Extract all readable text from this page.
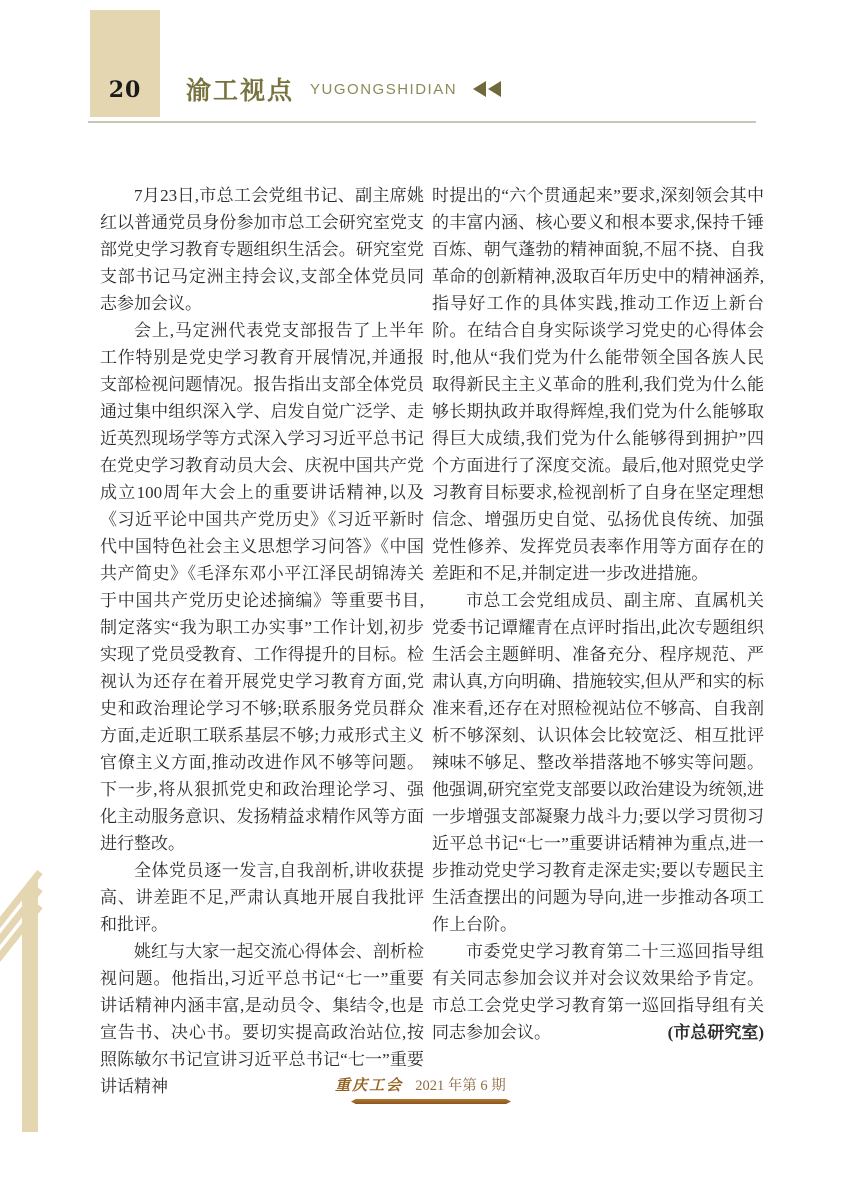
20 渝工视点 YUGONGSHIDIAN

7月23日,市总工会党组书记、副主席姚红以普通党员身份参加市总工会研究室党支部党史学习教育专题组织生活会。研究室党支部书记马定洲主持会议,支部全体党员同志参加会议。

会上,马定洲代表党支部报告了上半年工作特别是党史学习教育开展情况,并通报支部检视问题情况。报告指出支部全体党员通过集中组织深入学、启发自觉广泛学、走近英烈现场学等方式深入学习习近平总书记在党史学习教育动员大会、庆祝中国共产党成立100周年大会上的重要讲话精神,以及《习近平论中国共产党历史》《习近平新时代中国特色社会主义思想学习问答》《中国共产简史》《毛泽东邓小平江泽民胡锦涛关于中国共产党历史论述摘编》等重要书目,制定落实“我为职工办实事”工作计划,初步实现了党员受教育、工作得提升的目标。检视认为还存在着开展党史学习教育方面,党史和政治理论学习不够;联系服务党员群众方面,走近职工联系基层不够;力戒形式主义官僚主义方面,推动改进作风不够等问题。下一步,将从狠抓党史和政治理论学习、强化主动服务意识、发扬精益求精作风等方面进行整改。

全体党员逐一发言,自我剖析,讲收获提高、讲差距不足,严肃认真地开展自我批评和批评。

姚红与大家一起交流心得体会、剖析检视问题。他指出,习近平总书记“七一”重要讲话精神内涵丰富,是动员令、集结令,也是宣告书、决心书。要切实提高政治站位,按照陈敏尔书记宣讲习近平总书记“七一”重要讲话精神

时提出的“六个贯通起来”要求,深刻领会其中的丰富内涵、核心要义和根本要求,保持千锤百炼、朝气蓬勃的精神面貌,不屈不挠、自我革命的创新精神,汲取百年历史中的精神涵养,指导好工作的具体实践,推动工作迈上新台阶。在结合自身实际谈学习党史的心得体会时,他从“我们党为什么能带领全国各族人民取得新民主主义革命的胜利,我们党为什么能够长期执政并取得辉煌,我们党为什么能够取得巨大成绩,我们党为什么能够得到拥护”四个方面进行了深度交流。最后,他对照党史学习教育目标要求,检视剖析了自身在坚定理想信念、增强历史自觉、弘扬优良传统、加强党性修养、发挥党员表率作用等方面存在的差距和不足,并制定进一步改进措施。

市总工会党组成员、副主席、直属机关党委书记谭耀青在点评时指出,此次专题组织生活会主题鲜明、准备充分、程序规范、严肃认真,方向明确、措施较实,但从严和实的标准来看,还存在对照检视站位不够高、自我剖析不够深刻、认识体会比较宽泛、相互批评辣味不够足、整改举措落地不够实等问题。他强调,研究室党支部要以政治建设为统领,进一步增强支部凝聚力战斗力;要以学习贯彻习近平总书记“七一”重要讲话精神为重点,进一步推动党史学习教育走深走实;要以专题民主生活查摆出的问题为导向,进一步推动各项工作上台阶。

市委党史学习教育第二十三巡回指导组有关同志参加会议并对会议效果给予肯定。市总工会党史学习教育第一巡回指导组有关同志参加会议。	(市总研究室)

重庆工会 2021 年第 6 期
